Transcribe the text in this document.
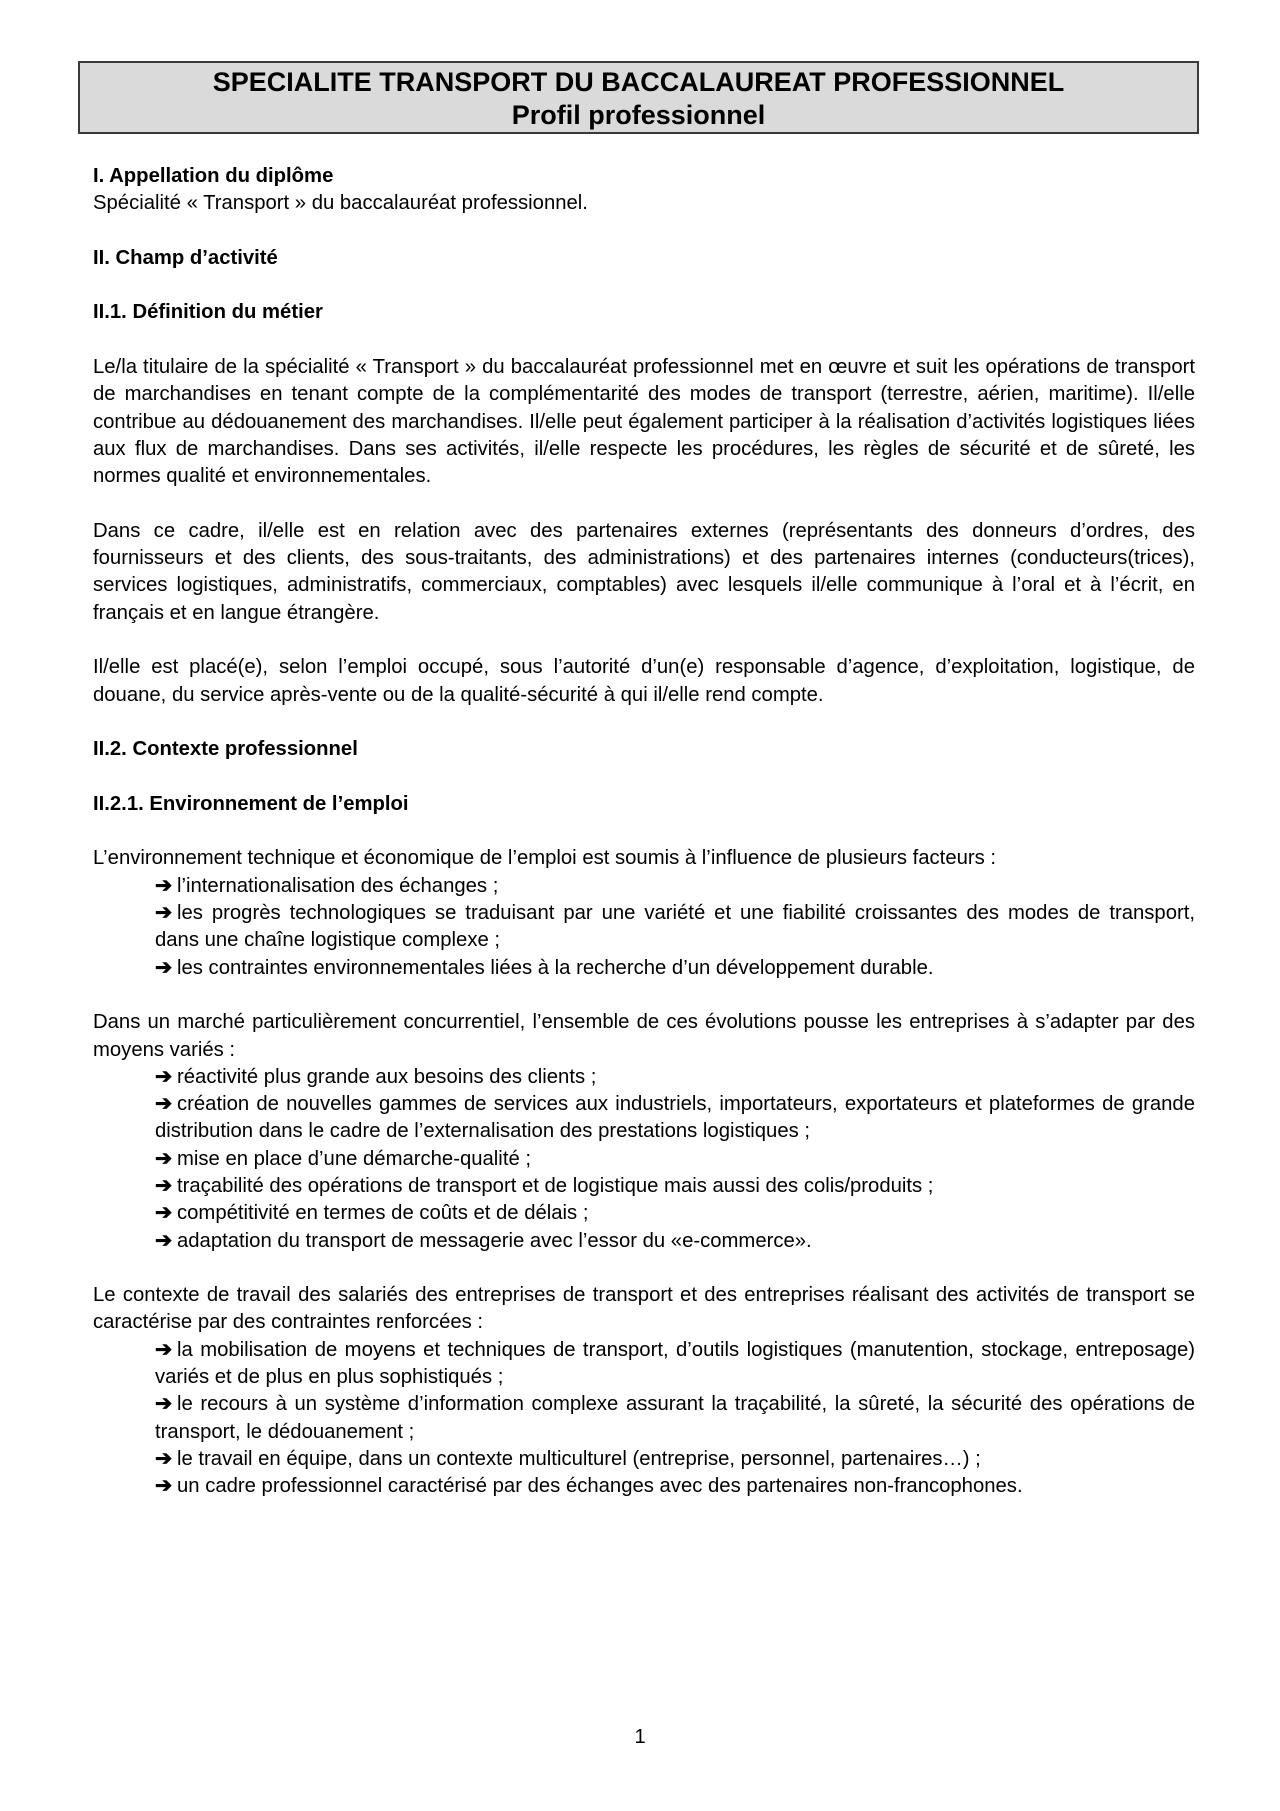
SPECIALITE TRANSPORT DU BACCALAUREAT PROFESSIONNEL
Profil professionnel

I. Appellation du diplôme

Spécialité « Transport » du baccalauréat professionnel.

II. Champ d’activité

II.1. Définition du métier

Le/la titulaire de la spécialité « Transport » du baccalauréat professionnel met en œuvre et suit les opérations de transport de marchandises en tenant compte de la complémentarité des modes de transport (terrestre, aérien, maritime). Il/elle contribue au dédouanement des marchandises. Il/elle peut également participer à la réalisation d’activités logistiques liées aux flux de marchandises. Dans ses activités, il/elle respecte les procédures, les règles de sécurité et de sûreté, les normes qualité et environnementales.

Dans ce cadre, il/elle est en relation avec des partenaires externes (représentants des donneurs d’ordres, des fournisseurs et des clients, des sous-traitants, des administrations) et des partenaires internes (conducteurs(trices), services logistiques, administratifs, commerciaux, comptables) avec lesquels il/elle communique à l’oral et à l’écrit, en français et en langue étrangère.

Il/elle est placé(e), selon l’emploi occupé, sous l’autorité d’un(e) responsable d’agence, d’exploitation, logistique, de douane, du service après-vente ou de la qualité-sécurité à qui il/elle rend compte.

II.2. Contexte professionnel

II.2.1. Environnement de l’emploi

L’environnement technique et économique de l’emploi est soumis à l’influence de plusieurs facteurs :

➔ l’internationalisation des échanges ;

➔ les progrès technologiques se traduisant par une variété et une fiabilité croissantes des modes de transport, dans une chaîne logistique complexe ;

➔ les contraintes environnementales liées à la recherche d’un développement durable.

Dans un marché particulièrement concurrentiel, l’ensemble de ces évolutions pousse les entreprises à s’adapter par des moyens variés :

➔ réactivité plus grande aux besoins des clients ;

➔ création de nouvelles gammes de services aux industriels, importateurs, exportateurs et plateformes de grande distribution dans le cadre de l’externalisation des prestations logistiques ;

➔ mise en place d’une démarche-qualité ;

➔ traçabilité des opérations de transport et de logistique mais aussi des colis/produits ;

➔ compétitivité en termes de coûts et de délais ;

➔ adaptation du transport de messagerie avec l’essor du «e-commerce».

Le contexte de travail des salariés des entreprises de transport et des entreprises réalisant des activités de transport se caractérise par des contraintes renforcées :

➔ la mobilisation de moyens et techniques de transport, d’outils logistiques (manutention, stockage, entreposage) variés et de plus en plus sophistiqués ;

➔ le recours à un système d’information complexe assurant la traçabilité, la sûreté, la sécurité des opérations de transport, le dédouanement ;

➔ le travail en équipe, dans un contexte multiculturel (entreprise, personnel, partenaires…) ;

➔ un cadre professionnel caractérisé par des échanges avec des partenaires non-francophones.

1
